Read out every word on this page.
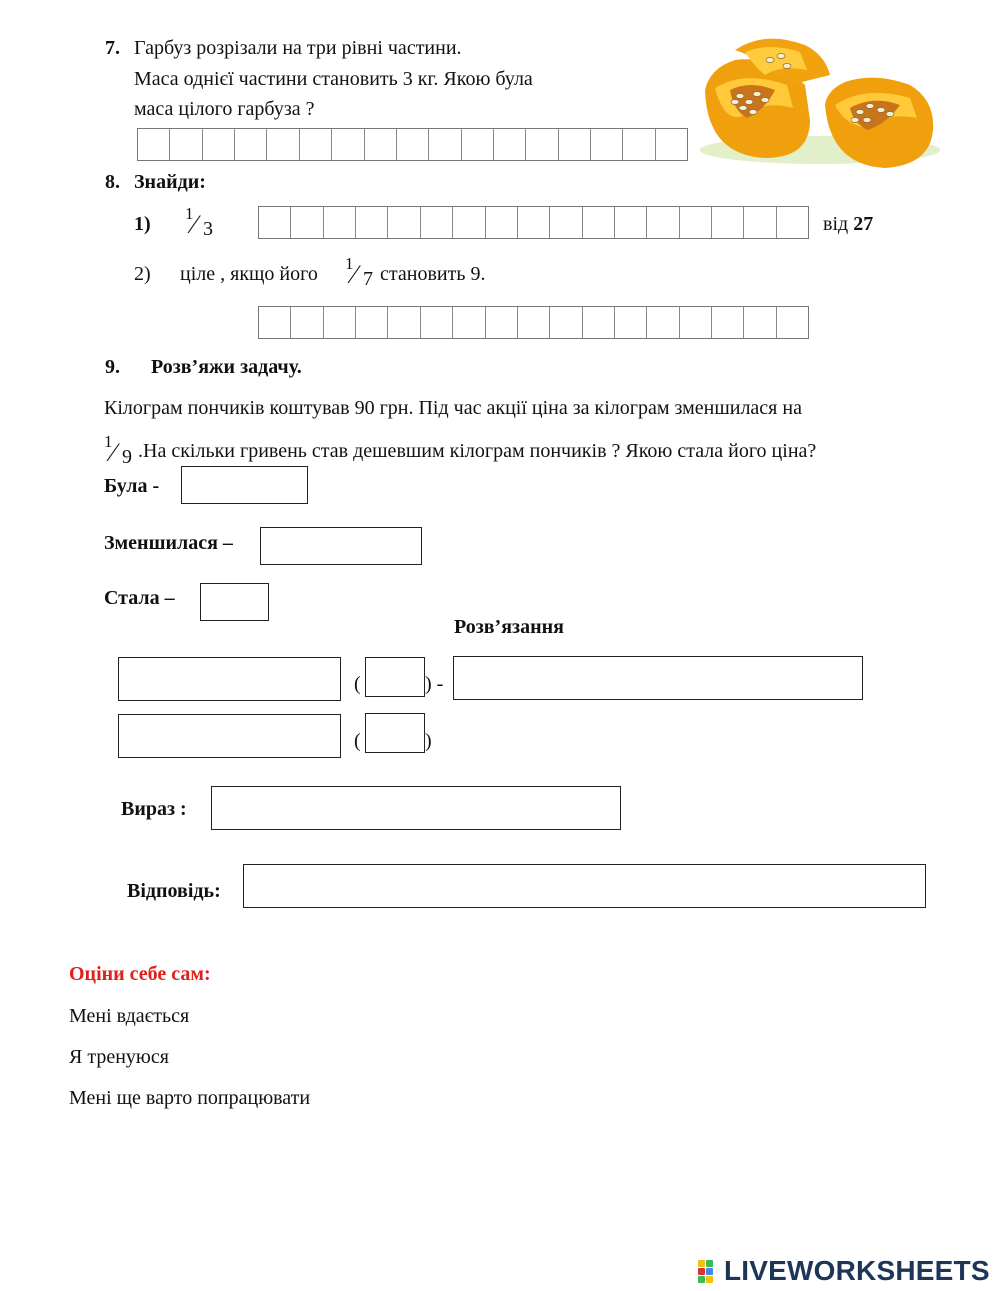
7. Гарбуз розрізали на три рівні частини.
Маса однієї частини становить 3 кг. Якою була
маса цілого гарбуза ?
8. Знайди:
1) 1
⁄ 3	від 27
2) ціле , якщо його 1
⁄ 7 становить 9.
9. Розв’яжи задачу.
Кілограм пончиків коштував 90 грн. Під час акції ціна за кілограм зменшилася на
1
⁄ 9 .На скільки гривень став дешевшим кілограм пончиків ? Якою стала його ціна?
Була -
Зменшилася –
Стала –
Розв’язання
(	) -
(	)
Вираз :
Відповідь:
Оціни себе сам:
Мені вдається
Я тренуюся
Мені ще варто попрацювати
LIVEWORKSHEETS
